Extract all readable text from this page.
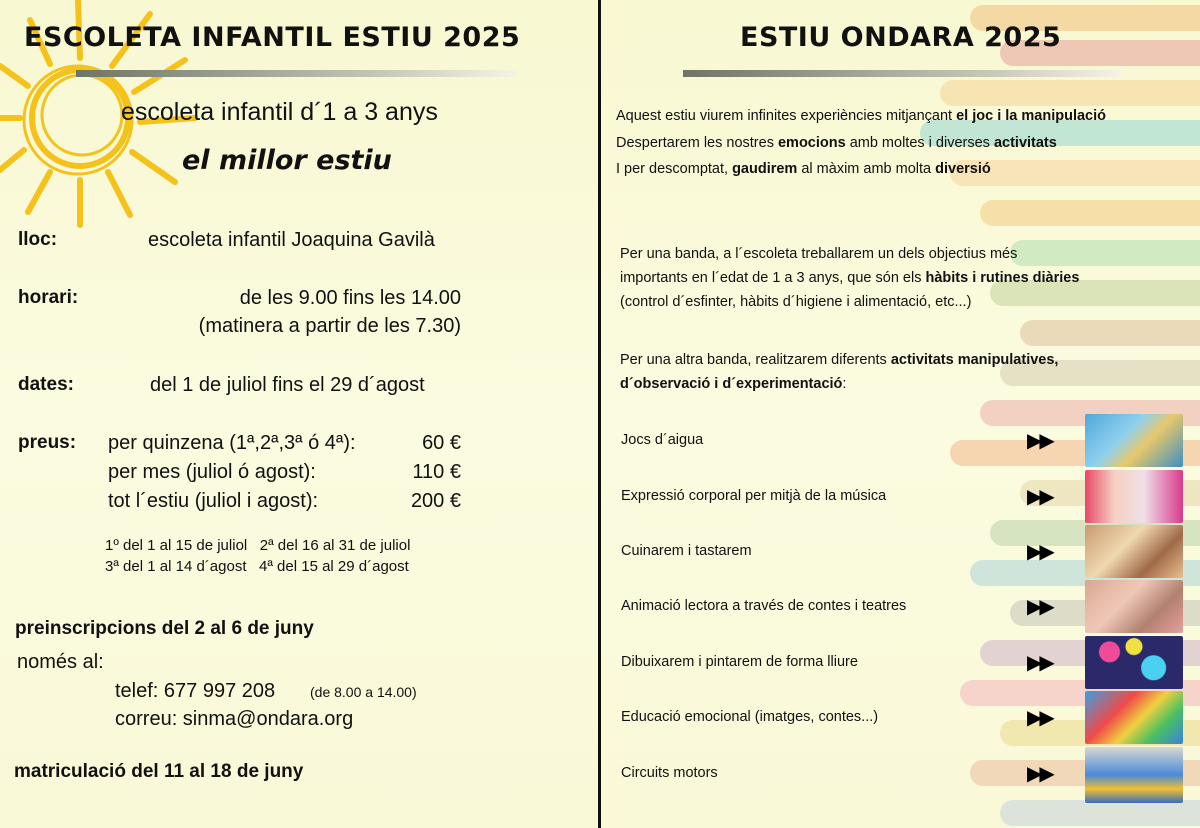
ESCOLETA INFANTIL ESTIU 2025
escoleta infantil d´1 a 3 anys
el millor estiu
lloc:	escoleta infantil Joaquina Gavilà
horari:	de les 9.00 fins les 14.00
(matinera a partir de les 7.30)
dates:	del 1 de juliol fins el 29 d´agost
preus: per quinzena (1ª,2ª,3ª ó 4ª):	60 €
per mes (juliol ó agost):	110 €
tot l´estiu (juliol i agost):	200 €
1º del 1 al 15 de juliol   2ª del 16 al 31 de juliol
3ª del 1 al 14 d´agost   4ª del 15 al 29 d´agost
preinscripcions del 2 al 6 de juny
només al:
telef: 677 997 208 (de 8.00 a 14.00)
correu: sinma@ondara.org
matriculació del 11 al 18 de juny
ESTIU ONDARA 2025
Aquest estiu viurem infinites experiències mitjançant el joc i la manipulació
Despertarem les nostres emocions amb moltes i diverses activitats
I per descomptat, gaudirem al màxim amb molta diversió
Per una banda, a l´escoleta treballarem un dels objectius més
importants en l´edat de 1 a 3 anys, que són els hàbits i rutines diàries
(control d´esfinter, hàbits d´higiene i alimentació, etc...)
Per una altra banda, realitzarem diferents activitats manipulatives,
d´observació i d´experimentació:
Jocs d´aigua	▶▶
Expressió corporal per mitjà de la música	▶▶
Cuinarem i tastarem	▶▶
Animació lectora a través de contes i teatres	▶▶
Dibuixarem i pintarem de forma lliure	▶▶
Educació emocional (imatges, contes...)	▶▶
Circuits motors	▶▶
